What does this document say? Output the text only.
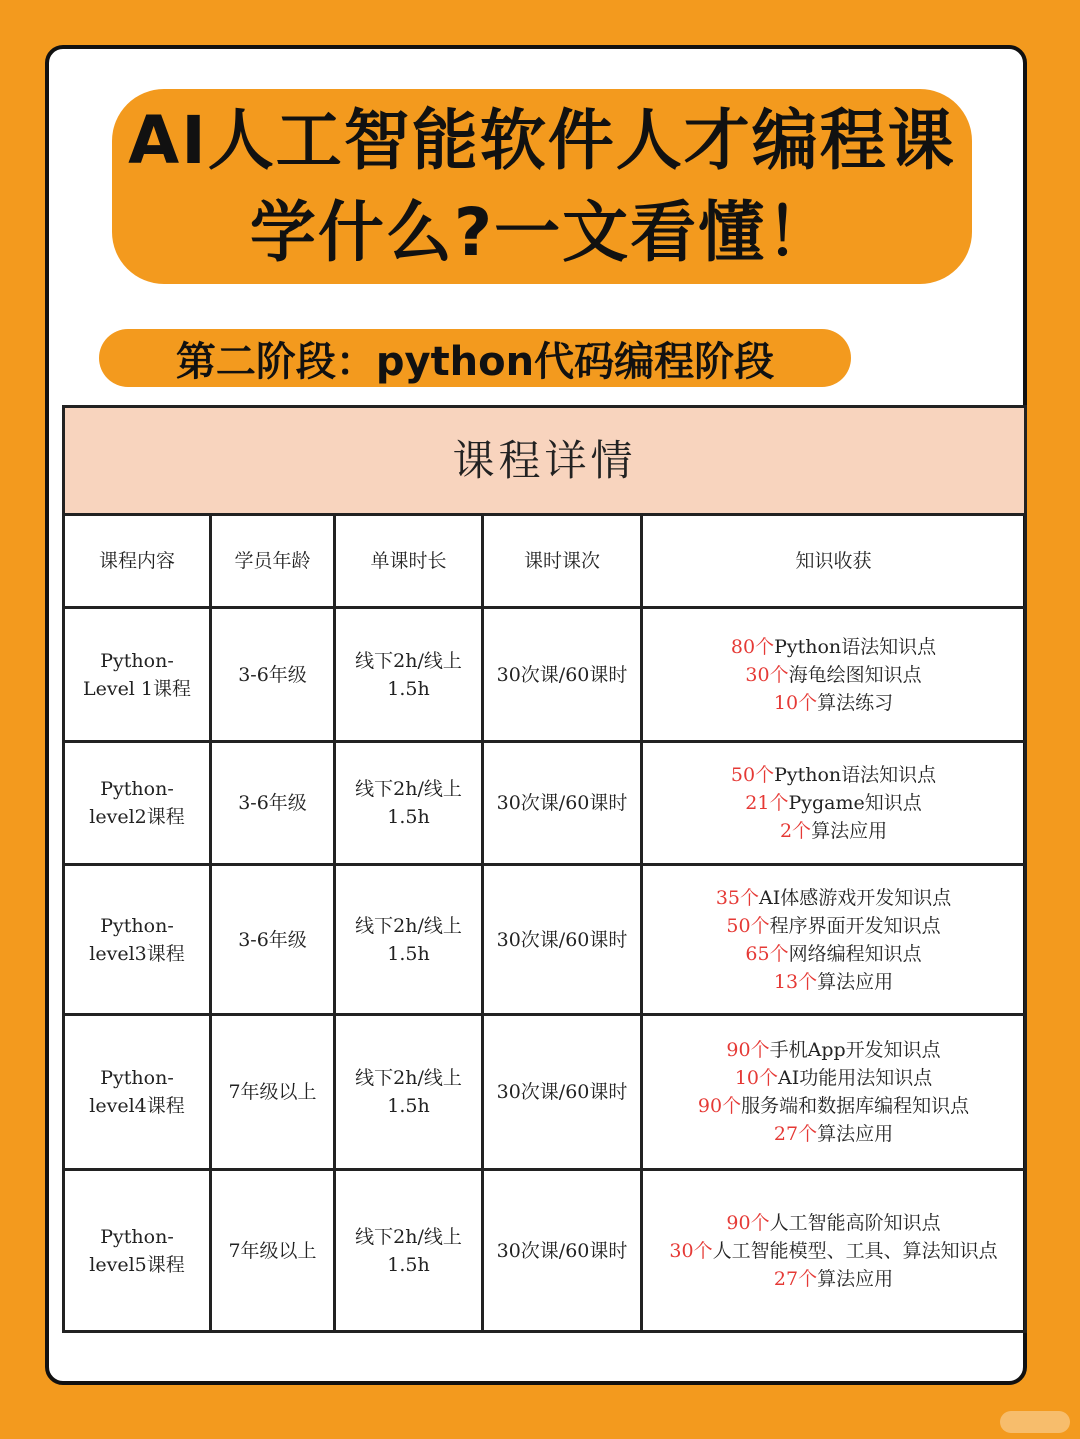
AI人工智能软件人才编程课
学什么?一文看懂！
第二阶段：python代码编程阶段
课程详情				
课程内容	学员年龄	单课时长	课时课次	知识收获
Python-Level 1课程	3-6年级	线下2h/线上1.5h	30次课/60课时	80个Python语法知识点
30个海龟绘图知识点
10个算法练习

Python-level2课程	3-6年级	线下2h/线上1.5h	30次课/60课时	50个Python语法知识点
21个Pygame知识点
2个算法应用

Python-level3课程	3-6年级	线下2h/线上1.5h	30次课/60课时	35个AI体感游戏开发知识点
50个程序界面开发知识点
65个网络编程知识点
13个算法应用

Python-level4课程	7年级以上	线下2h/线上1.5h	30次课/60课时	90个手机App开发知识点
10个AI功能用法知识点
90个服务端和数据库编程知识点
27个算法应用

Python-level5课程	7年级以上	线下2h/线上1.5h	30次课/60课时	90个人工智能高阶知识点
30个人工智能模型、工具、算法知识点
27个算法应用
